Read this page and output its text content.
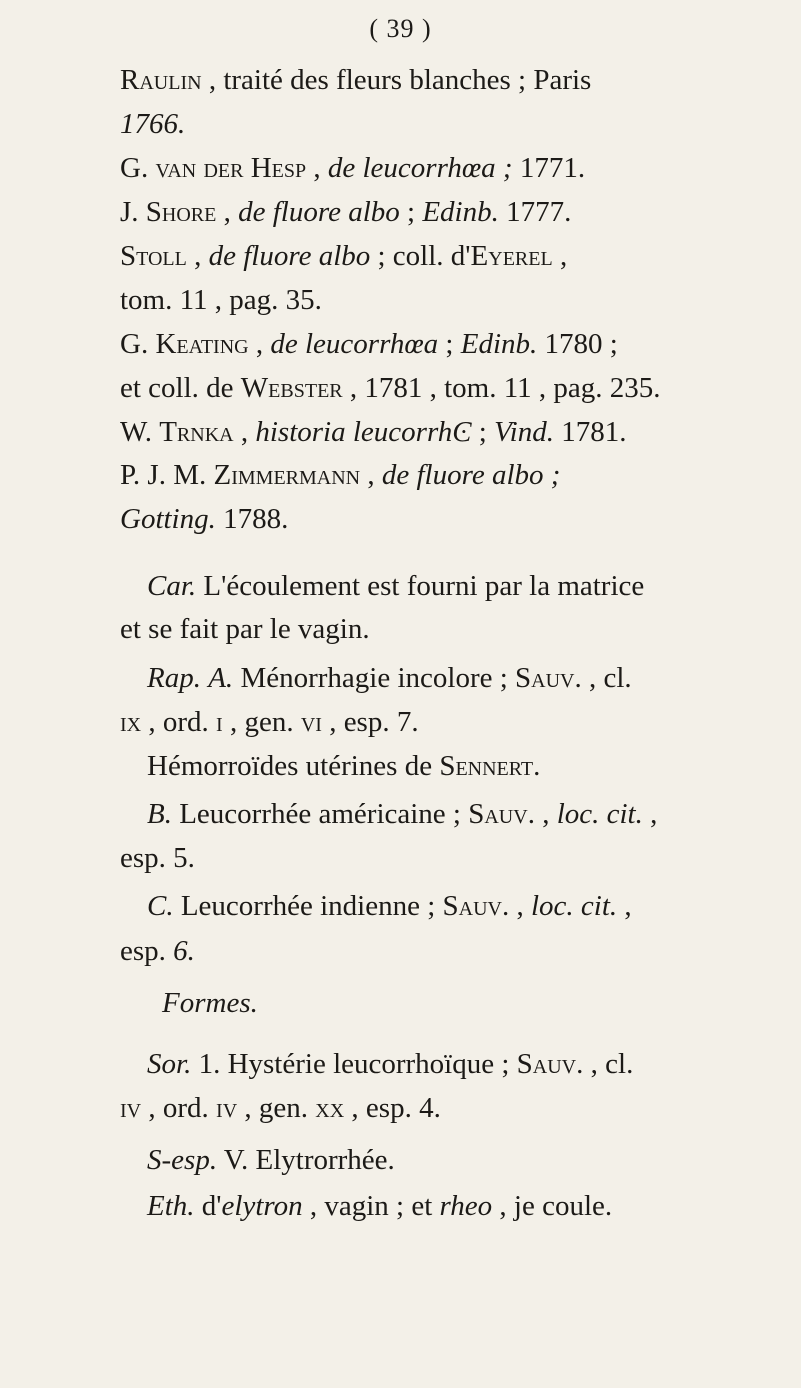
( 39 )
Raulin , traité des fleurs blanches ; Paris
1766.
G. van der Hesp , de leucorrhœa ; 1771.
J. Shore , de fluore albo ; Edinb. 1777.
Stoll , de fluore albo ; coll. d'Eyerel ,
tom. 11 , pag. 35.
G. Keating , de leucorrhœa ; Edinb. 1780 ;
et coll. de Webster , 1781 , tom. 11 , pag. 235.
W. Trnka , historia leucorrhϾ ; Vind. 1781.
P. J. M. Zimmermann , de fluore albo ;
Gotting. 1788.
Car. L'écoulement est fourni par la matrice
et se fait par le vagin.
Rap. A. Ménorrhagie incolore ; Sauv. , cl.
ix , ord. i , gen. vi , esp. 7.
Hémorroïdes utérines de Sennert.
B. Leucorrhée américaine ; Sauv. , loc. cit. ,
esp. 5.
C. Leucorrhée indienne ; Sauv. , loc. cit. ,
esp. 6.
Formes.
Sor. 1. Hystérie leucorrhoïque ; Sauv. , cl.
iv , ord. iv , gen. xx , esp. 4.
S-esp. V. Elytrorrhée.
Eth. d'elytron , vagin ; et rheo , je coule.
